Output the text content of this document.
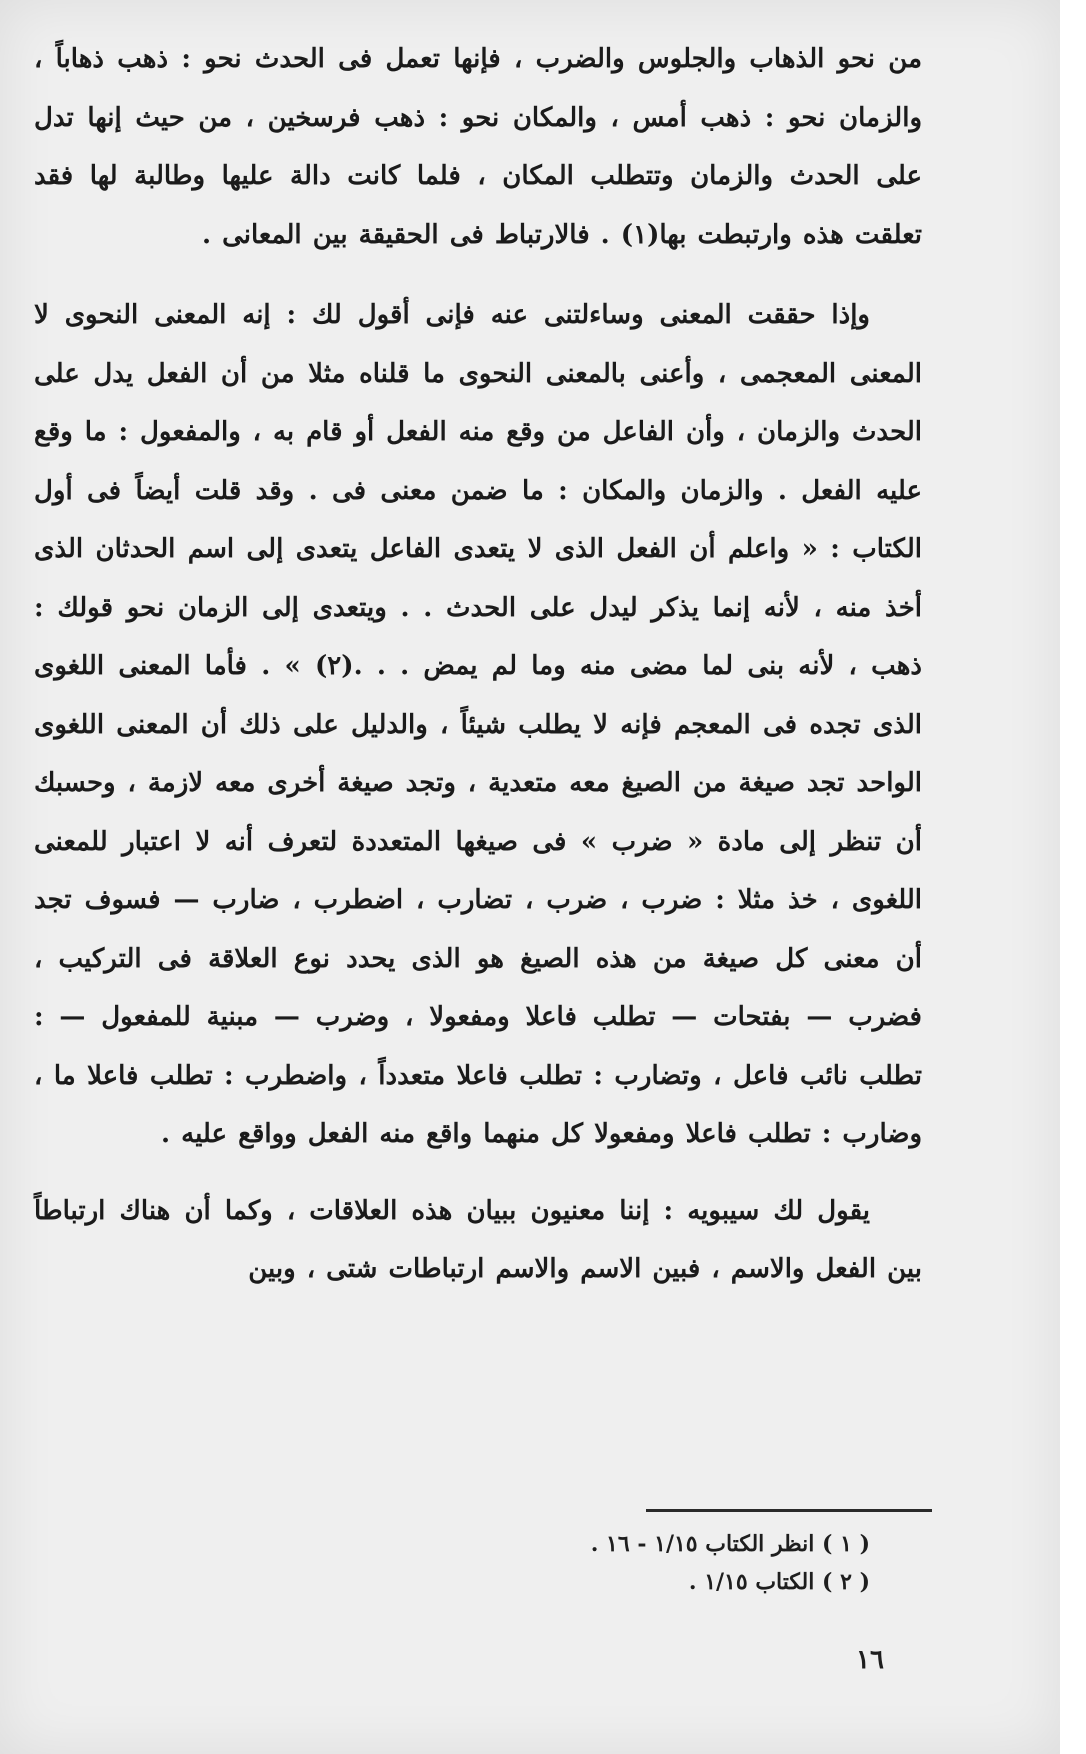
من نحو الذهاب والجلوس والضرب ، فإنها تعمل فى الحدث نحو : ذهب ذهاباً ، والزمان نحو : ذهب أمس ، والمكان نحو : ذهب فرسخين ، من حيث إنها تدل على الحدث والزمان وتتطلب المكان ، فلما كانت دالة عليها وطالبة لها فقد تعلقت هذه وارتبطت بها(١) . فالارتباط فى الحقيقة بين المعانى .

وإذا حققت المعنى وساءلتنى عنه فإنى أقول لك : إنه المعنى النحوى لا المعنى المعجمى ، وأعنى بالمعنى النحوى ما قلناه مثلا من أن الفعل يدل على الحدث والزمان ، وأن الفاعل من وقع منه الفعل أو قام به ، والمفعول : ما وقع عليه الفعل . والزمان والمكان : ما ضمن معنى فى . وقد قلت أيضاً فى أول الكتاب : « واعلم أن الفعل الذى لا يتعدى الفاعل يتعدى إلى اسم الحدثان الذى أخذ منه ، لأنه إنما يذكر ليدل على الحدث . . ويتعدى إلى الزمان نحو قولك : ذهب ، لأنه بنى لما مضى منه وما لم يمض . . .(٢) » . فأما المعنى اللغوى الذى تجده فى المعجم فإنه لا يطلب شيئاً ، والدليل على ذلك أن المعنى اللغوى الواحد تجد صيغة من الصيغ معه متعدية ، وتجد صيغة أخرى معه لازمة ، وحسبك أن تنظر إلى مادة « ضرب » فى صيغها المتعددة لتعرف أنه لا اعتبار للمعنى اللغوى ، خذ مثلا : ضرب ، ضرب ، تضارب ، اضطرب ، ضارب — فسوف تجد أن معنى كل صيغة من هذه الصيغ هو الذى يحدد نوع العلاقة فى التركيب ، فضرب — بفتحات — تطلب فاعلا ومفعولا ، وضرب — مبنية للمفعول — : تطلب نائب فاعل ، وتضارب : تطلب فاعلا متعدداً ، واضطرب : تطلب فاعلا ما ، وضارب : تطلب فاعلا ومفعولا كل منهما واقع منه الفعل وواقع عليه .

يقول لك سيبويه : إننا معنيون ببيان هذه العلاقات ، وكما أن هناك ارتباطاً بين الفعل والاسم ، فبين الاسم والاسم ارتباطات شتى ، وبين

( ١ ) انظر الكتاب ١/١٥ - ١٦ .

( ٢ ) الكتاب ١/١٥ .

١٦
